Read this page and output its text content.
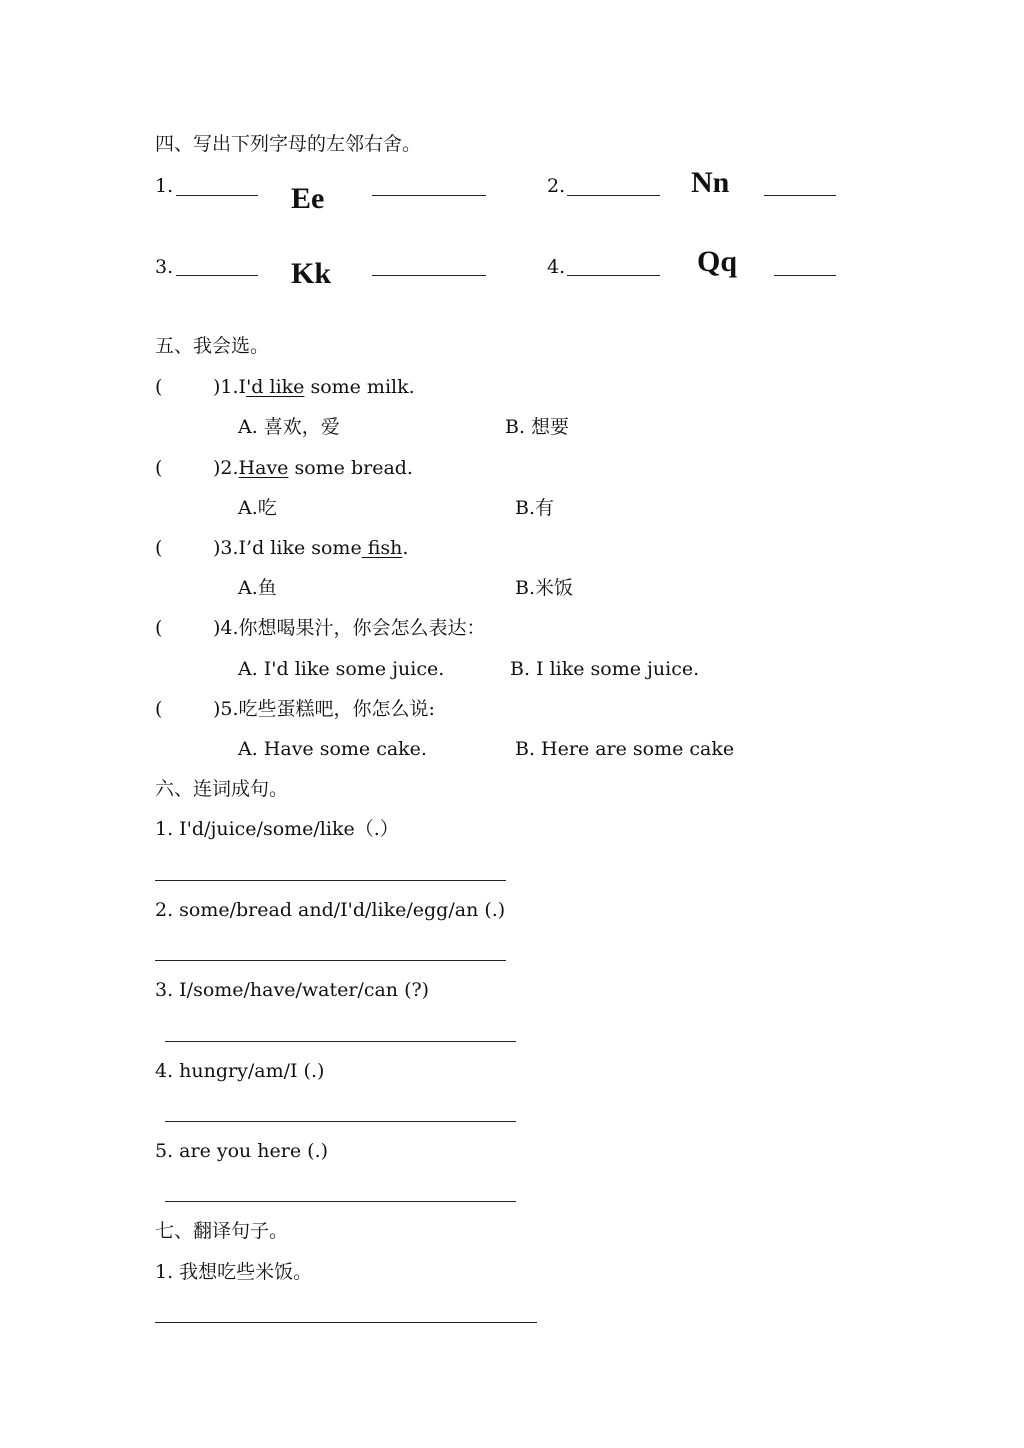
四、写出下列字母的左邻右舍。
1.	Ee	2.	Nn
3.	Kk	4.	Qq
五、我会选。
(	)1.I'd like some milk.
A. 喜欢，爱	B. 想要
(	)2.Have some bread.
A.吃	B.有
(	)3.I’d like some fish.
A.鱼	B.米饭
(	)4.你想喝果汁，你会怎么表达：
A. I'd like some juice.	B. I like some juice.
(	)5.吃些蛋糕吧，你怎么说:
A. Have some cake.	B. Here are some cake
六、连词成句。
1. I'd/juice/some/like（.）
2. some/bread and/I'd/like/egg/an (.)
3. I/some/have/water/can (?)
4. hungry/am/I (.)
5. are you here (.)
七、翻译句子。
1. 我想吃些米饭。
